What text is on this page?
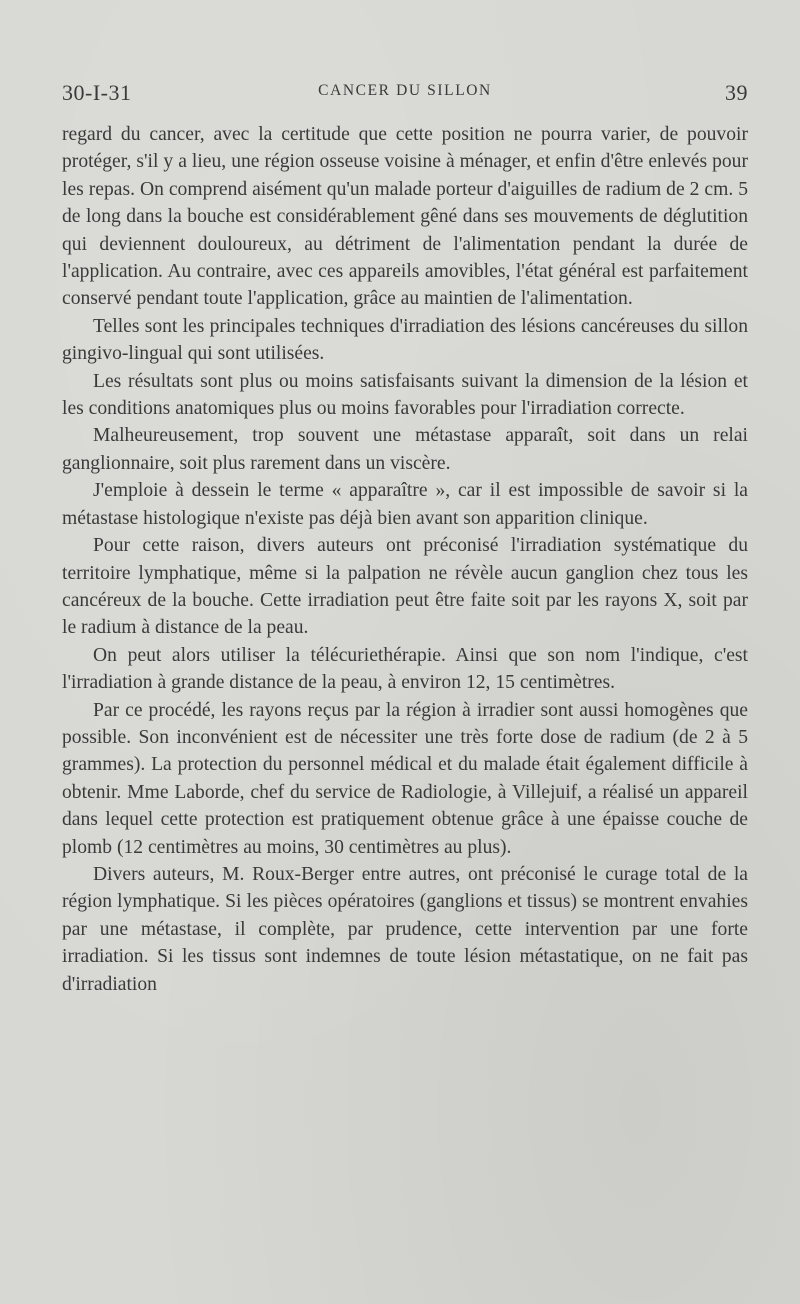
30-I-31	CANCER DU SILLON	39

regard du cancer, avec la certitude que cette position ne pourra varier, de pouvoir protéger, s'il y a lieu, une région osseuse voisine à ménager, et enfin d'être enlevés pour les repas. On comprend aisément qu'un malade porteur d'aiguilles de radium de 2 cm. 5 de long dans la bouche est considérablement gêné dans ses mouvements de déglutition qui deviennent douloureux, au détriment de l'alimentation pendant la durée de l'application. Au contraire, avec ces appareils amovibles, l'état général est parfaitement conservé pendant toute l'application, grâce au maintien de l'alimentation.

Telles sont les principales techniques d'irradiation des lésions cancéreuses du sillon gingivo-lingual qui sont utilisées.

Les résultats sont plus ou moins satisfaisants suivant la dimension de la lésion et les conditions anatomiques plus ou moins favorables pour l'irradiation correcte.

Malheureusement, trop souvent une métastase apparaît, soit dans un relai ganglionnaire, soit plus rarement dans un viscère.

J'emploie à dessein le terme « apparaître », car il est impossible de savoir si la métastase histologique n'existe pas déjà bien avant son apparition clinique.

Pour cette raison, divers auteurs ont préconisé l'irradiation systématique du territoire lymphatique, même si la palpation ne révèle aucun ganglion chez tous les cancéreux de la bouche. Cette irradiation peut être faite soit par les rayons X, soit par le radium à distance de la peau.

On peut alors utiliser la télécuriethérapie. Ainsi que son nom l'indique, c'est l'irradiation à grande distance de la peau, à environ 12, 15 centimètres.

Par ce procédé, les rayons reçus par la région à irradier sont aussi homogènes que possible. Son inconvénient est de nécessiter une très forte dose de radium (de 2 à 5 grammes). La protection du personnel médical et du malade était également difficile à obtenir. Mme Laborde, chef du service de Radiologie, à Villejuif, a réalisé un appareil dans lequel cette protection est pratiquement obtenue grâce à une épaisse couche de plomb (12 centimètres au moins, 30 centimètres au plus).

Divers auteurs, M. Roux-Berger entre autres, ont préconisé le curage total de la région lymphatique. Si les pièces opératoires (ganglions et tissus) se montrent envahies par une métastase, il complète, par prudence, cette intervention par une forte irradiation. Si les tissus sont indemnes de toute lésion métastatique, on ne fait pas d'irradiation
